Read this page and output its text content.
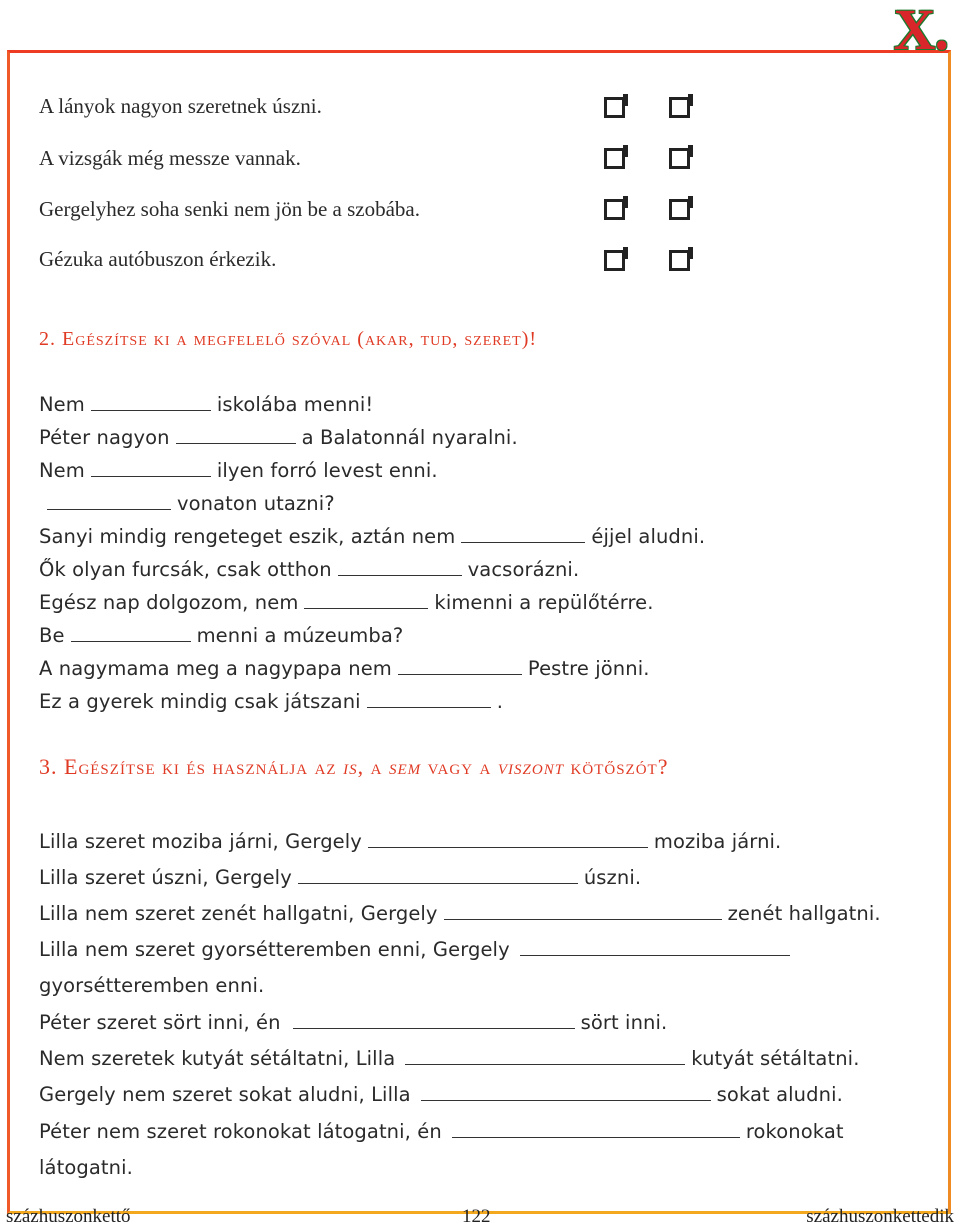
X.
A lányok nagyon szeretnek úszni.
A vizsgák még messze vannak.
Gergelyhez soha senki nem jön be a szobába.
Gézuka autóbuszon érkezik.
2. Egészítse ki a megfelelő szóval (akar, tud, szeret)!
Nem	iskolába menni!
Péter nagyon	a Balatonnál nyaralni.
Nem	ilyen forró levest enni.
vonaton utazni?
Sanyi mindig rengeteget eszik, aztán nem	éjjel aludni.
Ők olyan furcsák, csak otthon	vacsorázni.
Egész nap dolgozom, nem	kimenni a repülőtérre.
Be	menni a múzeumba?
A nagymama meg a nagypapa nem	Pestre jönni.
Ez a gyerek mindig csak játszani	.
3. Egészítse ki és használja az is, a sem vagy a viszont kötőszót?
Lilla szeret moziba járni, Gergely	moziba járni.
Lilla szeret úszni, Gergely	úszni.
Lilla nem szeret zenét hallgatni, Gergely	zenét hallgatni.
Lilla nem szeret gyorsétteremben enni, Gergely
gyorsétteremben enni.
Péter szeret sört inni, én	sört inni.
Nem szeretek kutyát sétáltatni, Lilla	kutyát sétáltatni.
Gergely nem szeret sokat aludni, Lilla	sokat aludni.
Péter nem szeret rokonokat látogatni, én	rokonokat
látogatni.
százhuszonkettő	122	százhuszonkettedik
